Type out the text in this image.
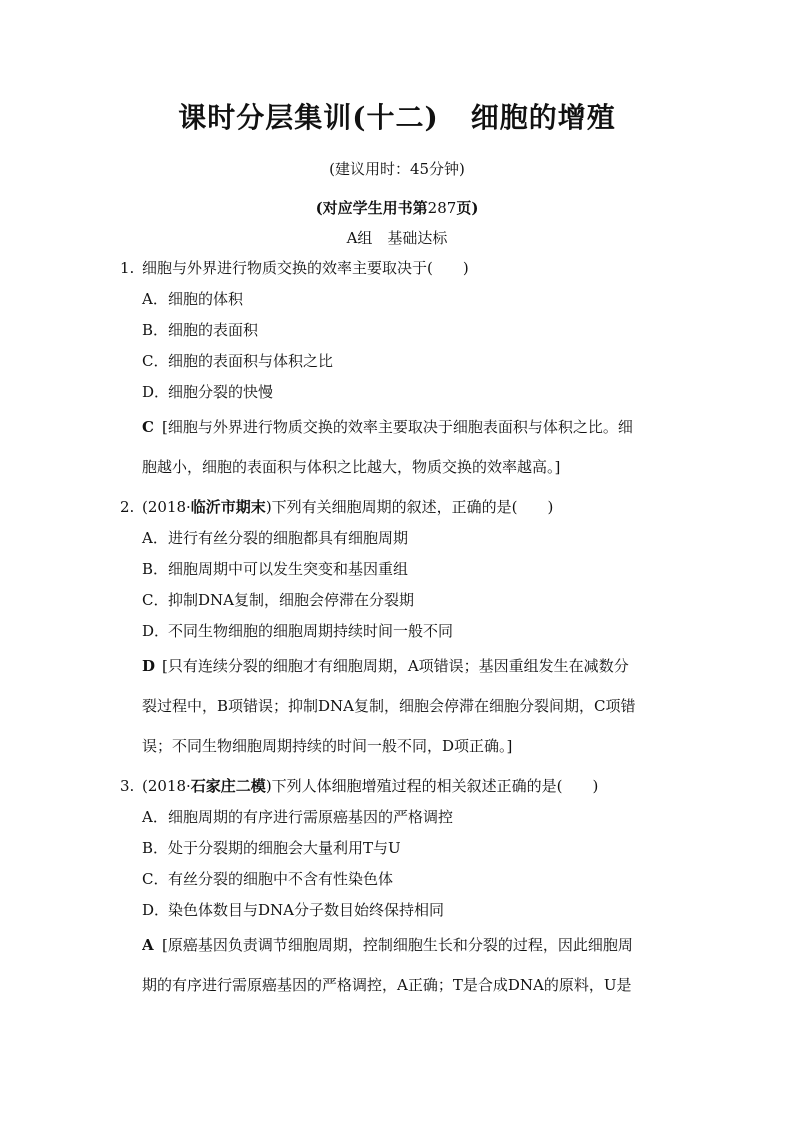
课时分层集训(十二) 细胞的增殖
(建议用时：45分钟)
(对应学生用书第287页)
A组　基础达标
1. 细胞与外界进行物质交换的效率主要取决于(　　)
A．细胞的体积
B．细胞的表面积
C．细胞的表面积与体积之比
D．细胞分裂的快慢
C [细胞与外界进行物质交换的效率主要取决于细胞表面积与体积之比。细
胞越小，细胞的表面积与体积之比越大，物质交换的效率越高。]
2. (2018·临沂市期末)下列有关细胞周期的叙述，正确的是(　　)
A．进行有丝分裂的细胞都具有细胞周期
B．细胞周期中可以发生突变和基因重组
C．抑制DNA复制，细胞会停滞在分裂期
D．不同生物细胞的细胞周期持续时间一般不同
D [只有连续分裂的细胞才有细胞周期，A项错误；基因重组发生在减数分
裂过程中，B项错误；抑制DNA复制，细胞会停滞在细胞分裂间期，C项错
误；不同生物细胞周期持续的时间一般不同，D项正确。]
3. (2018·石家庄二模)下列人体细胞增殖过程的相关叙述正确的是(　　)
A．细胞周期的有序进行需原癌基因的严格调控
B．处于分裂期的细胞会大量利用T与U
C．有丝分裂的细胞中不含有性染色体
D．染色体数目与DNA分子数目始终保持相同
A [原癌基因负责调节细胞周期，控制细胞生长和分裂的过程，因此细胞周
期的有序进行需原癌基因的严格调控，A正确；T是合成DNA的原料，U是
